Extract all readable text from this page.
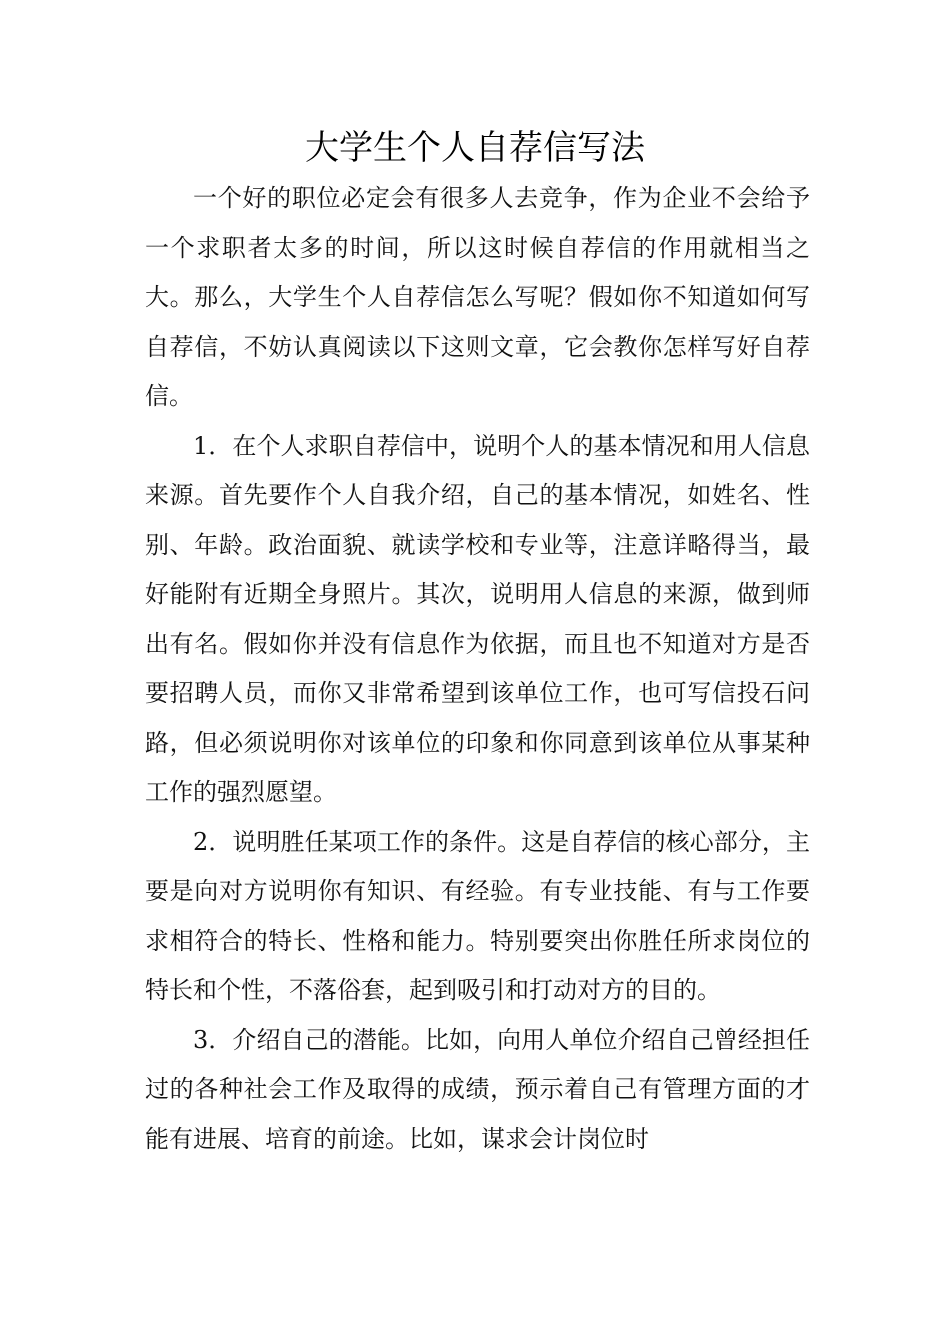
大学生个人自荐信写法

一个好的职位必定会有很多人去竞争，作为企业不会给予一个求职者太多的时间，所以这时候自荐信的作用就相当之大。那么，大学生个人自荐信怎么写呢？假如你不知道如何写自荐信，不妨认真阅读以下这则文章，它会教你怎样写好自荐信。

1．在个人求职自荐信中，说明个人的基本情况和用人信息来源。首先要作个人自我介绍，自己的基本情况，如姓名、性别、年龄。政治面貌、就读学校和专业等，注意详略得当，最好能附有近期全身照片。其次，说明用人信息的来源，做到师出有名。假如你并没有信息作为依据，而且也不知道对方是否要招聘人员，而你又非常希望到该单位工作，也可写信投石问路，但必须说明你对该单位的印象和你同意到该单位从事某种工作的强烈愿望。

2．说明胜任某项工作的条件。这是自荐信的核心部分，主要是向对方说明你有知识、有经验。有专业技能、有与工作要求相符合的特长、性格和能力。特别要突出你胜任所求岗位的特长和个性，不落俗套，起到吸引和打动对方的目的。

3．介绍自己的潜能。比如，向用人单位介绍自己曾经担任过的各种社会工作及取得的成绩，预示着自己有管理方面的才能有进展、培育的前途。比如，谋求会计岗位时
